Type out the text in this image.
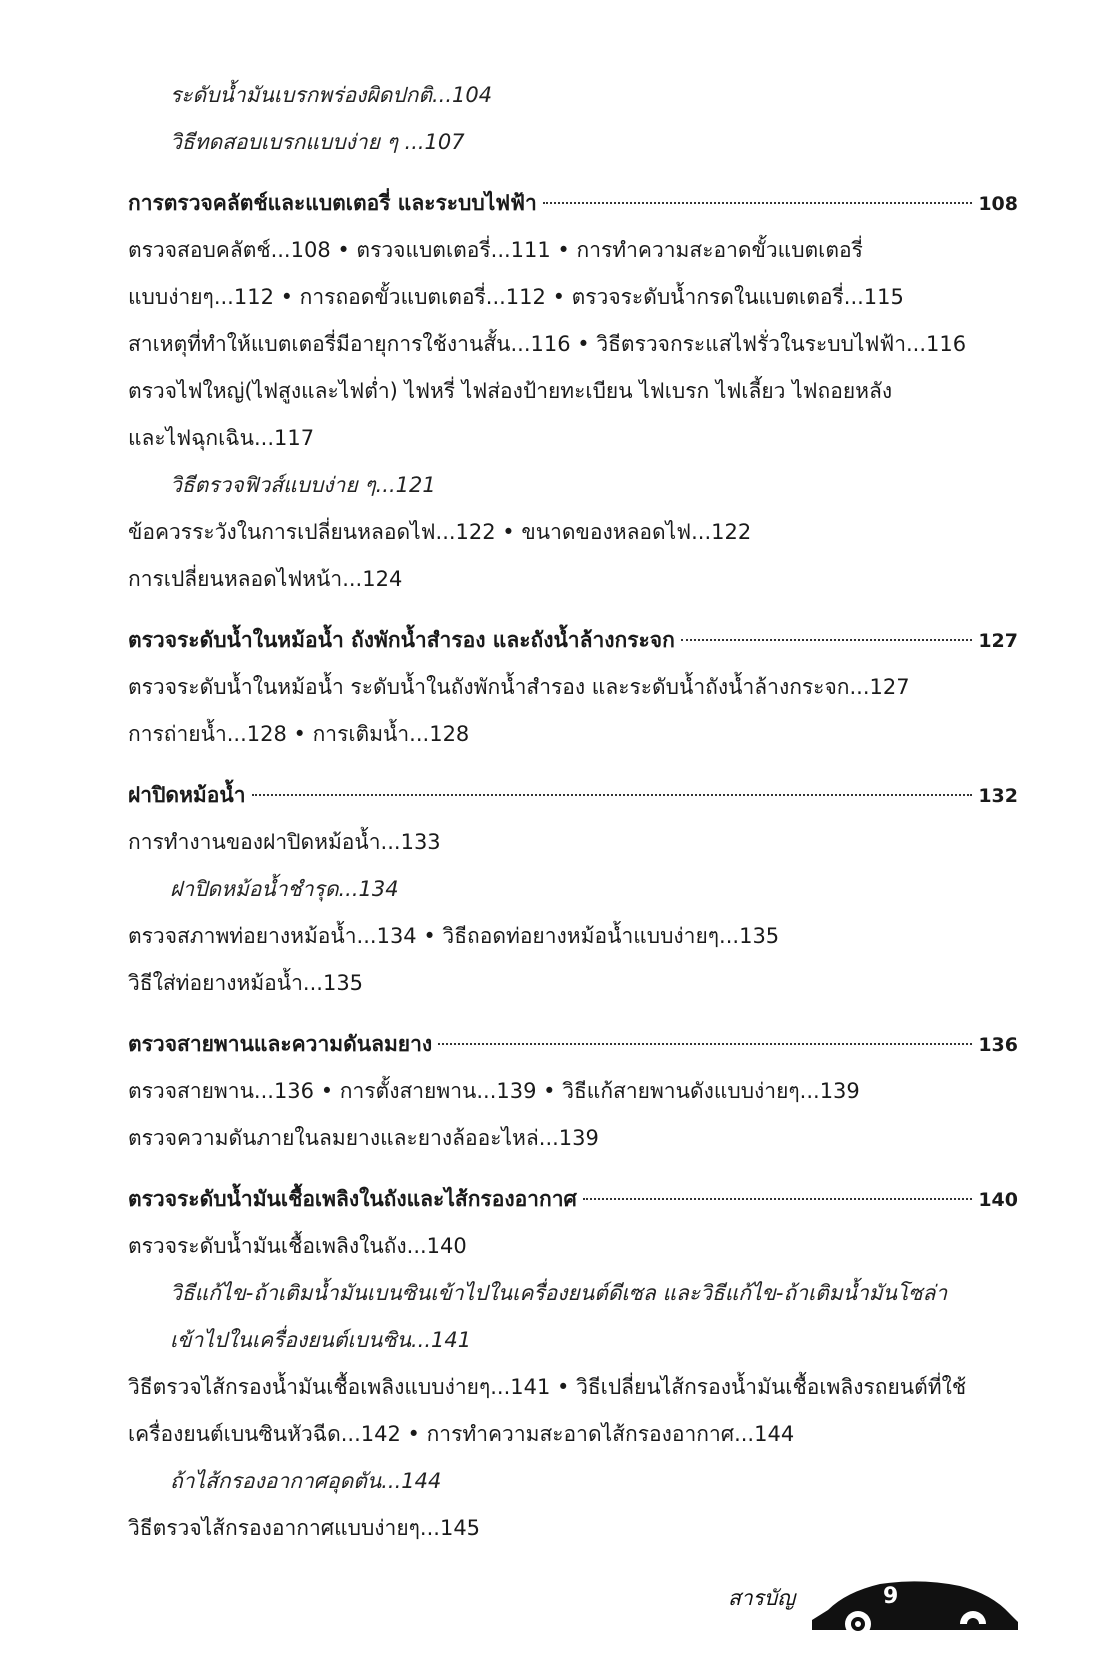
ระดับน้ำมันเบรกพร่องผิดปกติ...104
วิธีทดสอบเบรกแบบง่าย ๆ ...107
การตรวจคลัตช์และแบตเตอรี่ และระบบไฟฟ้า	108
ตรวจสอบคลัตช์...108 • ตรวจแบตเตอรี่...111 • การทำความสะอาดขั้วแบตเตอรี่
แบบง่ายๆ...112 • การถอดขั้วแบตเตอรี่...112 • ตรวจระดับน้ำกรดในแบตเตอรี่...115
สาเหตุที่ทำให้แบตเตอรี่มีอายุการใช้งานสั้น...116 • วิธีตรวจกระแสไฟรั่วในระบบไฟฟ้า...116
ตรวจไฟใหญ่(ไฟสูงและไฟต่ำ) ไฟหรี่ ไฟส่องป้ายทะเบียน ไฟเบรก ไฟเลี้ยว ไฟถอยหลัง
และไฟฉุกเฉิน...117
วิธีตรวจฟิวส์แบบง่าย ๆ...121
ข้อควรระวังในการเปลี่ยนหลอดไฟ...122 • ขนาดของหลอดไฟ...122
การเปลี่ยนหลอดไฟหน้า...124
ตรวจระดับน้ำในหม้อน้ำ ถังพักน้ำสำรอง และถังน้ำล้างกระจก	127
ตรวจระดับน้ำในหม้อน้ำ ระดับน้ำในถังพักน้ำสำรอง และระดับน้ำถังน้ำล้างกระจก...127
การถ่ายน้ำ...128 • การเติมน้ำ...128
ฝาปิดหม้อน้ำ	132
การทำงานของฝาปิดหม้อน้ำ...133
ฝาปิดหม้อน้ำชำรุด...134
ตรวจสภาพท่อยางหม้อน้ำ...134 • วิธีถอดท่อยางหม้อน้ำแบบง่ายๆ...135
วิธีใส่ท่อยางหม้อน้ำ...135
ตรวจสายพานและความดันลมยาง	136
ตรวจสายพาน...136 • การตั้งสายพาน...139 • วิธีแก้สายพานดังแบบง่ายๆ...139
ตรวจความดันภายในลมยางและยางล้ออะไหล่...139
ตรวจระดับน้ำมันเชื้อเพลิงในถังและไส้กรองอากาศ	140
ตรวจระดับน้ำมันเชื้อเพลิงในถัง...140
วิธีแก้ไข-ถ้าเติมน้ำมันเบนซินเข้าไปในเครื่องยนต์ดีเซล และวิธีแก้ไข-ถ้าเติมน้ำมันโซล่า
เข้าไปในเครื่องยนต์เบนซิน...141
วิธีตรวจไส้กรองน้ำมันเชื้อเพลิงแบบง่ายๆ...141 • วิธีเปลี่ยนไส้กรองน้ำมันเชื้อเพลิงรถยนต์ที่ใช้
เครื่องยนต์เบนซินหัวฉีด...142 • การทำความสะอาดไส้กรองอากาศ...144
ถ้าไส้กรองอากาศอุดตัน...144
วิธีตรวจไส้กรองอากาศแบบง่ายๆ...145
สารบัญ	9
